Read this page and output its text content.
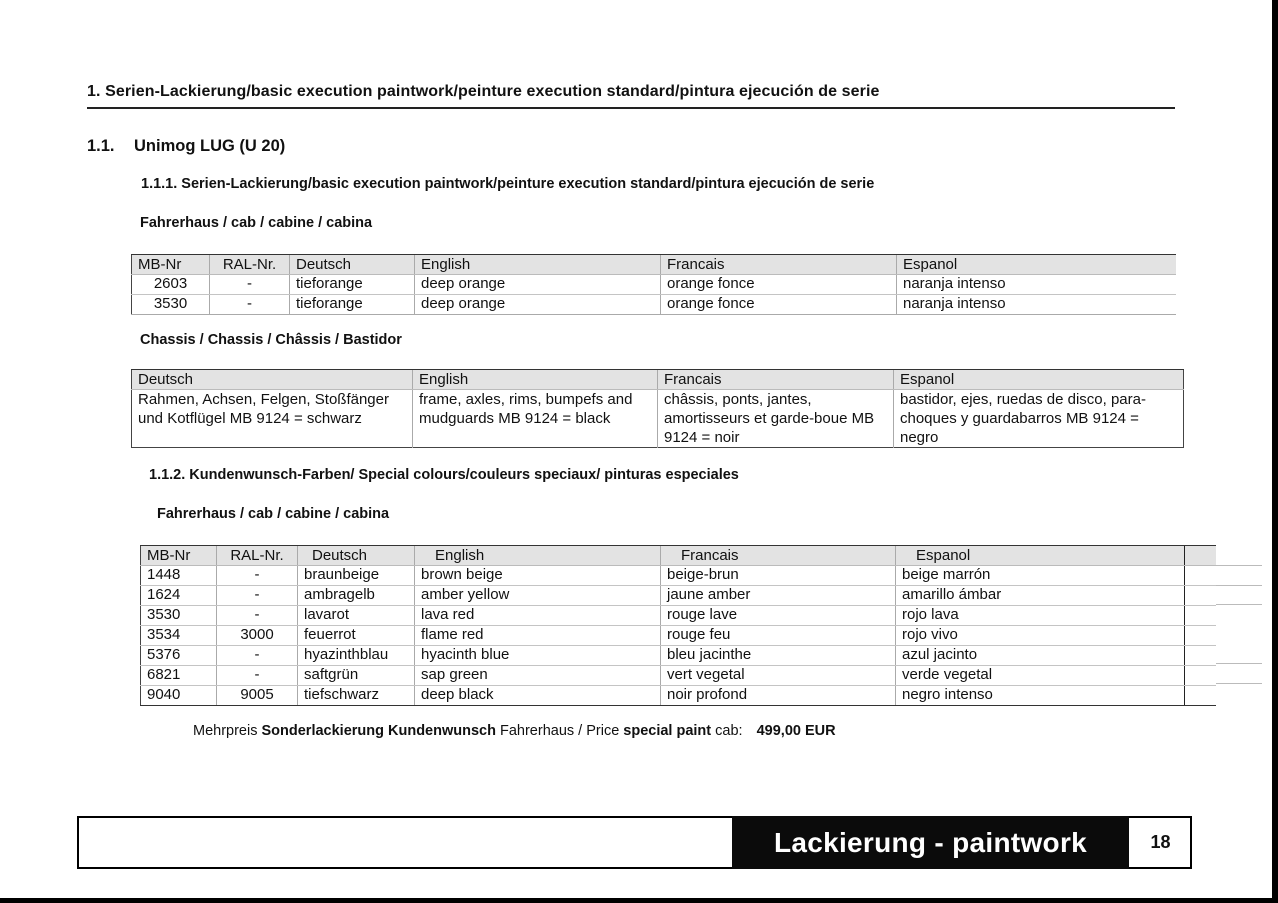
1. Serien-Lackierung/basic execution paintwork/peinture execution standard/pintura ejecución de serie
1.1. Unimog LUG (U 20)
1.1.1. Serien-Lackierung/basic execution paintwork/peinture execution standard/pintura ejecución de serie
Fahrerhaus / cab / cabine / cabina
MB-Nr	RAL-Nr.	Deutsch	English	Francais	Espanol
2603	-	tieforange	deep orange	orange fonce	naranja intenso
3530	-	tieforange	deep orange	orange fonce	naranja intenso
Chassis / Chassis / Châssis / Bastidor
Deutsch	English	Francais	Espanol
Rahmen, Achsen, Felgen, Stoßfänger und Kotflügel MB 9124 = schwarz	frame, axles, rims, bumpefs and mudguards MB 9124 = black	châssis, ponts, jantes, amortisseurs et garde-boue MB 9124 = noir	bastidor, ejes, ruedas de disco, para-choques y guardabarros MB 9124 = negro
1.1.2. Kundenwunsch-Farben/ Special colours/couleurs speciaux/ pinturas especiales
Fahrerhaus / cab / cabine / cabina
MB-Nr	RAL-Nr.	Deutsch	English	Francais	Espanol	
1448	-	braunbeige	brown beige	beige-brun	beige marrón	
1624	-	ambragelb	amber yellow	jaune amber	amarillo ámbar	
3530	-	lavarot	lava red	rouge lave	rojo lava	
3534	3000	feuerrot	flame red	rouge feu	rojo vivo	
5376	-	hyazinthblau	hyacinth blue	bleu jacinthe	azul jacinto	
6821	-	saftgrün	sap green	vert vegetal	verde vegetal	
9040	9005	tiefschwarz	deep black	noir profond	negro intenso	
Mehrpreis Sonderlackierung Kundenwunsch Fahrerhaus / Price special paint cab: 499,00 EUR
Lackierung - paintwork	18
